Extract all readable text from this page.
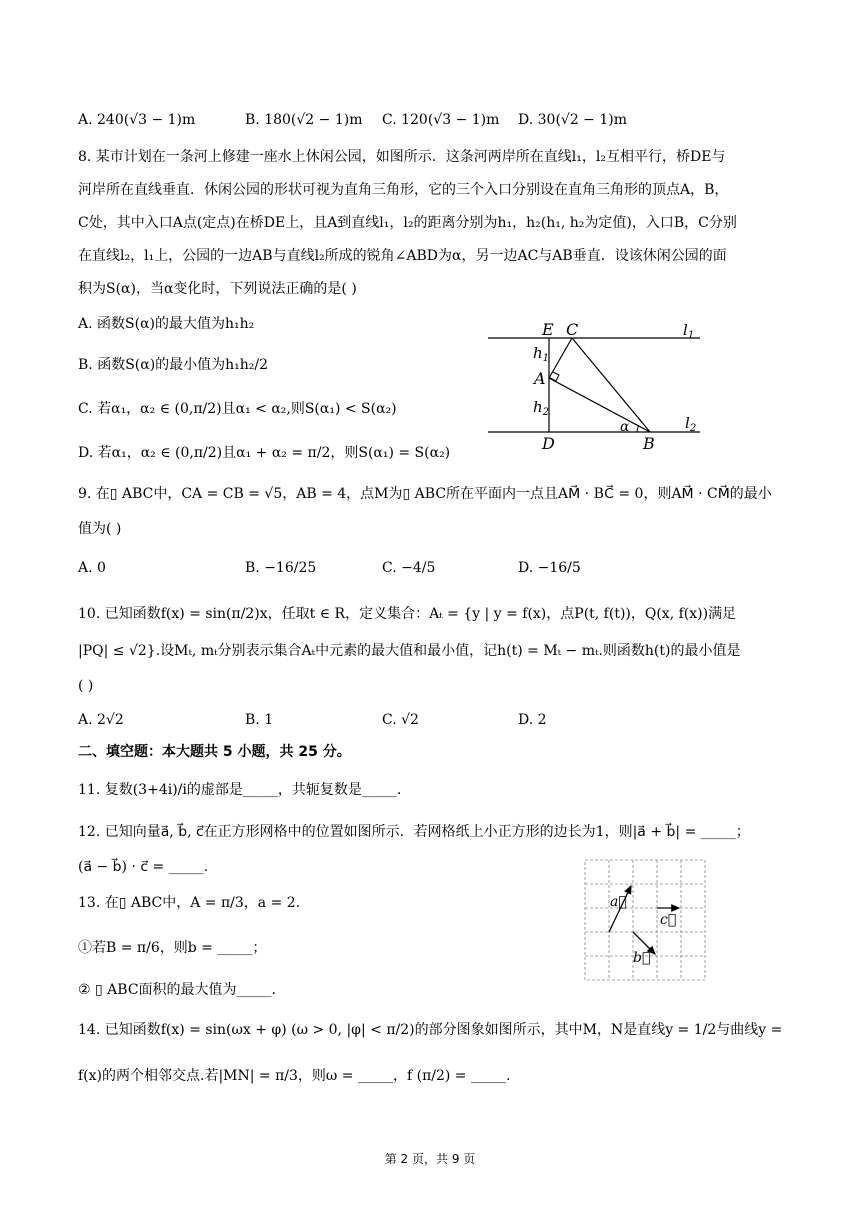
A. 240(√3 − 1)m	B. 180(√2 − 1)m C. 120(√3 − 1)m D. 30(√2 − 1)m
8. 某市计划在一条河上修建一座水上休闲公园，如图所示．这条河两岸所在直线l₁，l₂互相平行，桥DE与
河岸所在直线垂直．休闲公园的形状可视为直角三角形，它的三个入口分别设在直角三角形的顶点A，B，
C处，其中入口A点(定点)在桥DE上，且A到直线l₁，l₂的距离分别为h₁，h₂(h₁, h₂为定值)，入口B，C分别
在直线l₂，l₁上，公园的一边AB与直线l₂所成的锐角∠ABD为α，另一边AC与AB垂直．设该休闲公园的面
积为S(α)，当α变化时，下列说法正确的是( )
A. 函数S(α)的最大值为h₁h₂
B. 函数S(α)的最小值为h₁h₂/2
C. 若α₁，α₂ ∈ (0,π/2)且α₁ < α₂,则S(α₁) < S(α₂)
D. 若α₁，α₂ ∈ (0,π/2)且α₁ + α₂ = π/2，则S(α₁) = S(α₂)
E C	$l_1$
$h_1$
A
$h_2$
$l_2$
D
α
B
9. 在▯ ABC中，CA = CB = √5，AB = 4，点M为▯ ABC所在平面内一点且AM⃗ · BC⃗ = 0，则AM⃗ · CM⃗的最小
值为( )
A. 0	B. −16/25	C. −4/5	D. −16/5
10. 已知函数f(x) = sin(π/2)x，任取t ∈ R，定义集合：Aₜ = {y | y = f(x)，点P(t, f(t))，Q(x, f(x))满足
|PQ| ≤ √2}.设Mₜ, mₜ分别表示集合Aₜ中元素的最大值和最小值，记h(t) = Mₜ − mₜ.则函数h(t)的最小值是
( )
A. 2√2	B. 1	C. √2	D. 2
二、填空题：本大题共 5 小题，共 25 分。
11. 复数(3+4i)/i的虚部是_____，共轭复数是_____.
12. 已知向量a⃗, b⃗, c⃗在正方形网格中的位置如图所示．若网格纸上小正方形的边长为1，则|a⃗ + b⃗| = _____；
(a⃗ − b⃗) · c⃗ = _____.
a⃗
c⃗
b⃗
13. 在▯ ABC中，A = π/3，a = 2.
①若B = π/6，则b = _____；
② ▯ ABC面积的最大值为_____.
14. 已知函数f(x) = sin(ωx + φ) (ω > 0, |φ| < π/2)的部分图象如图所示，其中M，N是直线y = 1/2与曲线y =
f(x)的两个相邻交点.若|MN| = π/3，则ω = _____，f (π/2) = _____.
第 2 页，共 9 页
